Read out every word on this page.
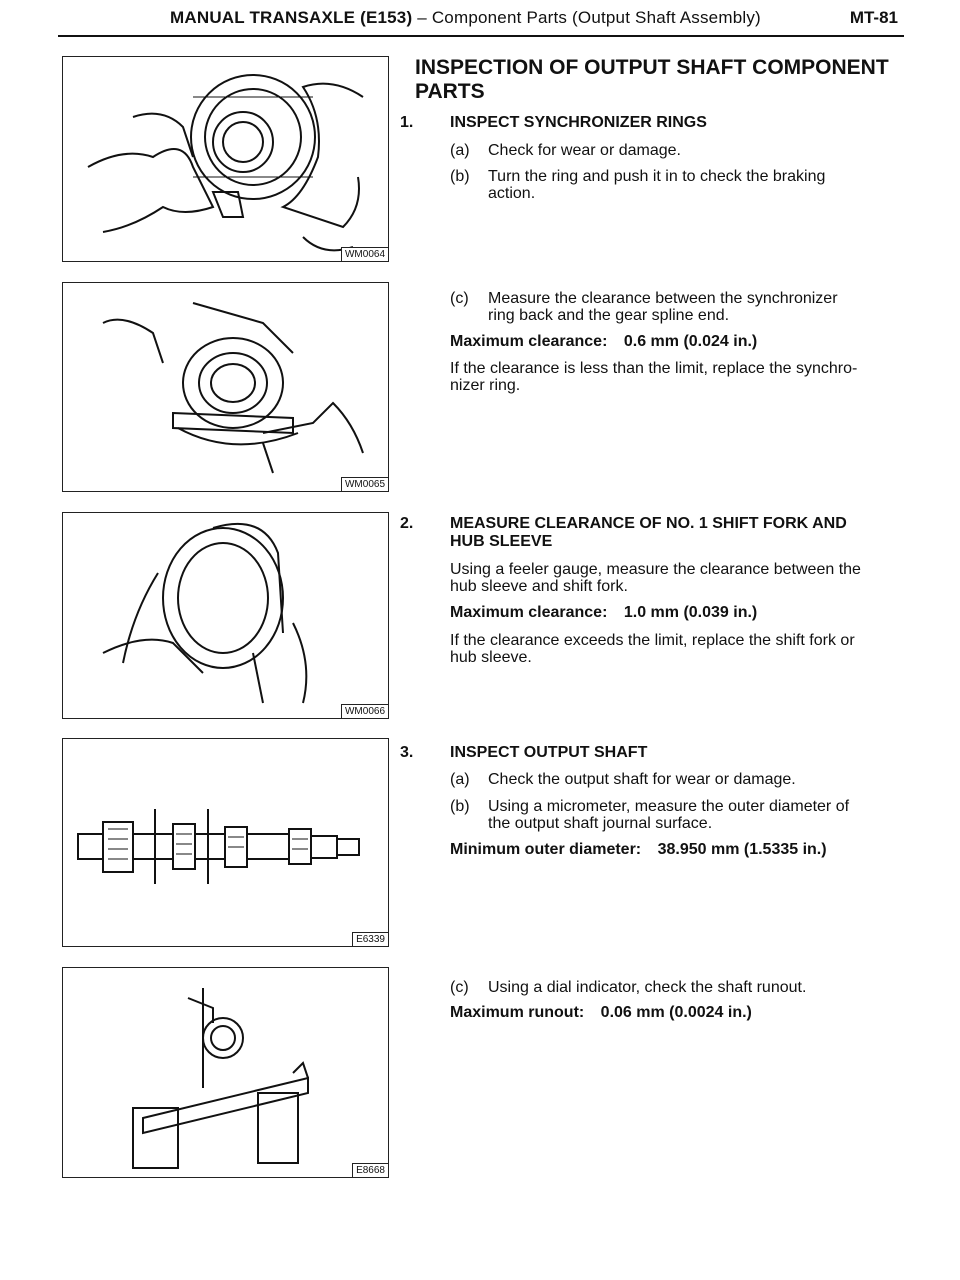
MANUAL TRANSAXLE (E153) – Component Parts (Output Shaft Assembly)	MT-81
WM0064
WM0065
WM0066
E6339
E8668
INSPECTION OF OUTPUT SHAFT COMPONENT PARTS
1. INSPECT SYNCHRONIZER RINGS
(a) Check for wear or damage.
(b) Turn the ring and push it in to check the braking
action.
(c) Measure the clearance between the synchronizer
ring back and the gear spline end.
Maximum clearance: 0.6 mm (0.024 in.)
If the clearance is less than the limit, replace the synchro-
nizer ring.
2. MEASURE CLEARANCE OF NO. 1 SHIFT FORK AND
HUB SLEEVE
Using a feeler gauge, measure the clearance between the
hub sleeve and shift fork.
Maximum clearance: 1.0 mm (0.039 in.)
If the clearance exceeds the limit, replace the shift fork or
hub sleeve.
3. INSPECT OUTPUT SHAFT
(a) Check the output shaft for wear or damage.
(b) Using a micrometer, measure the outer diameter of
the output shaft journal surface.
Minimum outer diameter: 38.950 mm (1.5335 in.)
(c) Using a dial indicator, check the shaft runout.
Maximum runout: 0.06 mm (0.0024 in.)
